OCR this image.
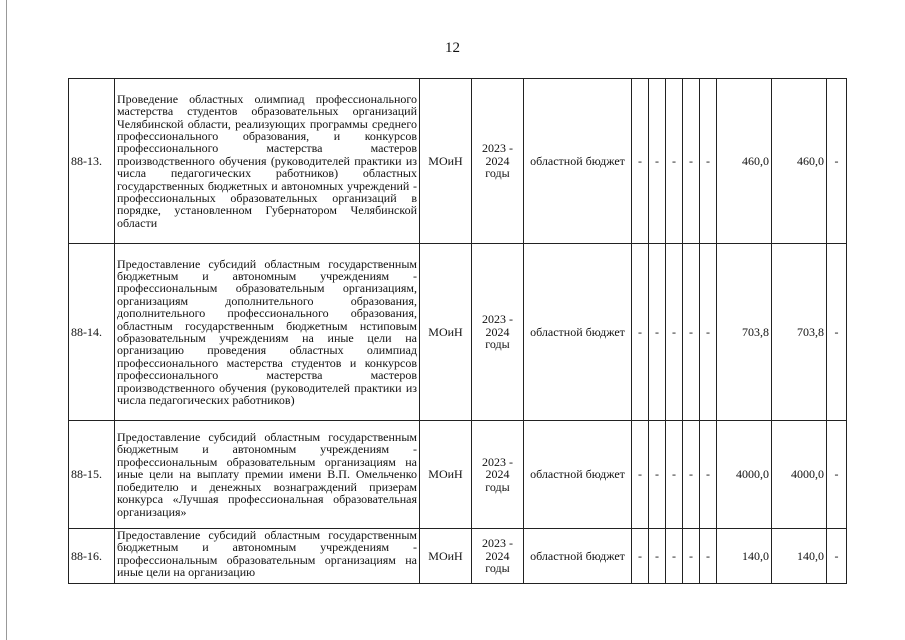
12
88-13.	Проведение областных олимпиад профессионального мастерства студентов образовательных организаций Челябинской области, реализующих программы среднего профессионального образования, и конкурсов профессионального мастерства мастеров производственного обучения (руководителей практики из числа педагогических работников) областных государственных бюджетных и автономных учреждений - профессиональных образовательных организаций в порядке, установленном Губернатором Челябинской области	МОиН	2023 - 2024 годы	областной бюджет	-	-	-	-	-	460,0	460,0	-
88-14.	Предоставление субсидий областным государственным бюджетным и автономным учреждениям - профессиональным образовательным организациям, организациям дополнительного образования, дополнительного профессионального образования, областным государственным бюджетным нстиповым образовательным учреждениям на иные цели на организацию проведения областных олимпиад профессионального мастерства студентов и конкурсов профессионального мастерства мастеров производственного обучения (руководителей практики из числа педагогических работников)	МОиН	2023 - 2024 годы	областной бюджет	-	-	-	-	-	703,8	703,8	-
88-15.	Предоставление субсидий областным государственным бюджетным и автономным учреждениям - профессиональным образовательным организациям на иные цели на выплату премии имени В.П. Омельченко победителю и денежных вознаграждений призерам конкурса «Лучшая профессиональная образовательная организация»	МОиН	2023 - 2024 годы	областной бюджет	-	-	-	-	-	4000,0	4000,0	-
88-16.	Предоставление субсидий областным государственным бюджетным и автономным учреждениям - профессиональным образовательным организациям на иные цели на организацию	МОиН	2023 - 2024 годы	областной бюджет	-	-	-	-	-	140,0	140,0	-
